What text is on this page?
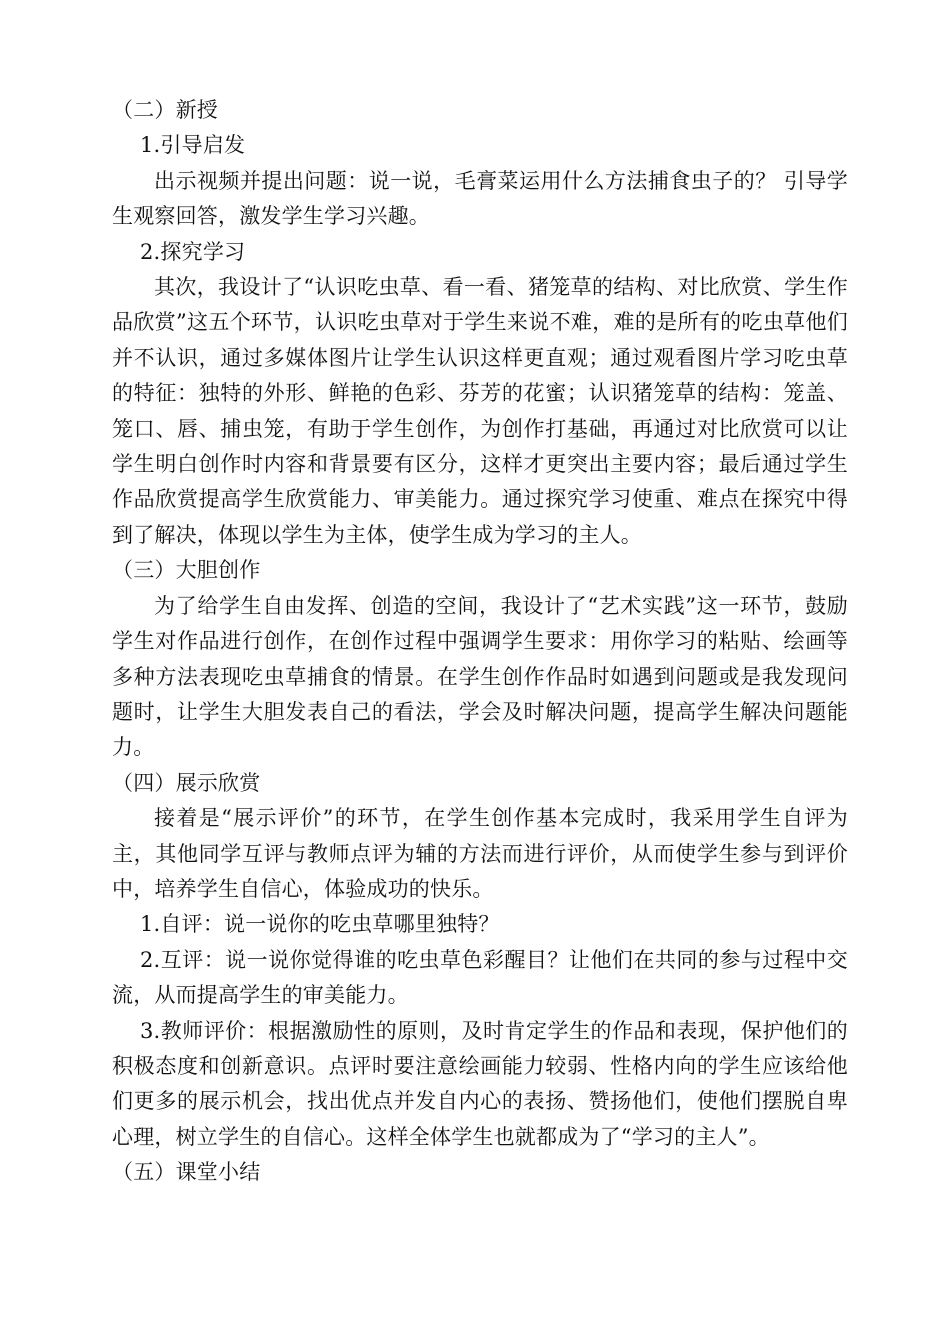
（二）新授

1.引导启发

出示视频并提出问题：说一说，毛膏菜运用什么方法捕食虫子的？ 引导学生观察回答，激发学生学习兴趣。

2.探究学习

其次，我设计了“认识吃虫草、看一看、猪笼草的结构、对比欣赏、学生作品欣赏”这五个环节，认识吃虫草对于学生来说不难，难的是所有的吃虫草他们并不认识，通过多媒体图片让学生认识这样更直观；通过观看图片学习吃虫草的特征：独特的外形、鲜艳的色彩、芬芳的花蜜；认识猪笼草的结构：笼盖、笼口、唇、捕虫笼，有助于学生创作，为创作打基础，再通过对比欣赏可以让学生明白创作时内容和背景要有区分，这样才更突出主要内容；最后通过学生作品欣赏提高学生欣赏能力、审美能力。通过探究学习使重、难点在探究中得到了解决，体现以学生为主体，使学生成为学习的主人。

（三）大胆创作

为了给学生自由发挥、创造的空间，我设计了“艺术实践”这一环节，鼓励学生对作品进行创作，在创作过程中强调学生要求：用你学习的粘贴、绘画等多种方法表现吃虫草捕食的情景。在学生创作作品时如遇到问题或是我发现问题时，让学生大胆发表自己的看法，学会及时解决问题，提高学生解决问题能力。

（四）展示欣赏

接着是“展示评价”的环节，在学生创作基本完成时，我采用学生自评为主，其他同学互评与教师点评为辅的方法而进行评价，从而使学生参与到评价中，培养学生自信心，体验成功的快乐。

1.自评：说一说你的吃虫草哪里独特？

2.互评：说一说你觉得谁的吃虫草色彩醒目？让他们在共同的参与过程中交流，从而提高学生的审美能力。

3.教师评价：根据激励性的原则，及时肯定学生的作品和表现，保护他们的积极态度和创新意识。点评时要注意绘画能力较弱、性格内向的学生应该给他们更多的展示机会，找出优点并发自内心的表扬、赞扬他们，使他们摆脱自卑心理，树立学生的自信心。这样全体学生也就都成为了“学习的主人”。

（五）课堂小结
